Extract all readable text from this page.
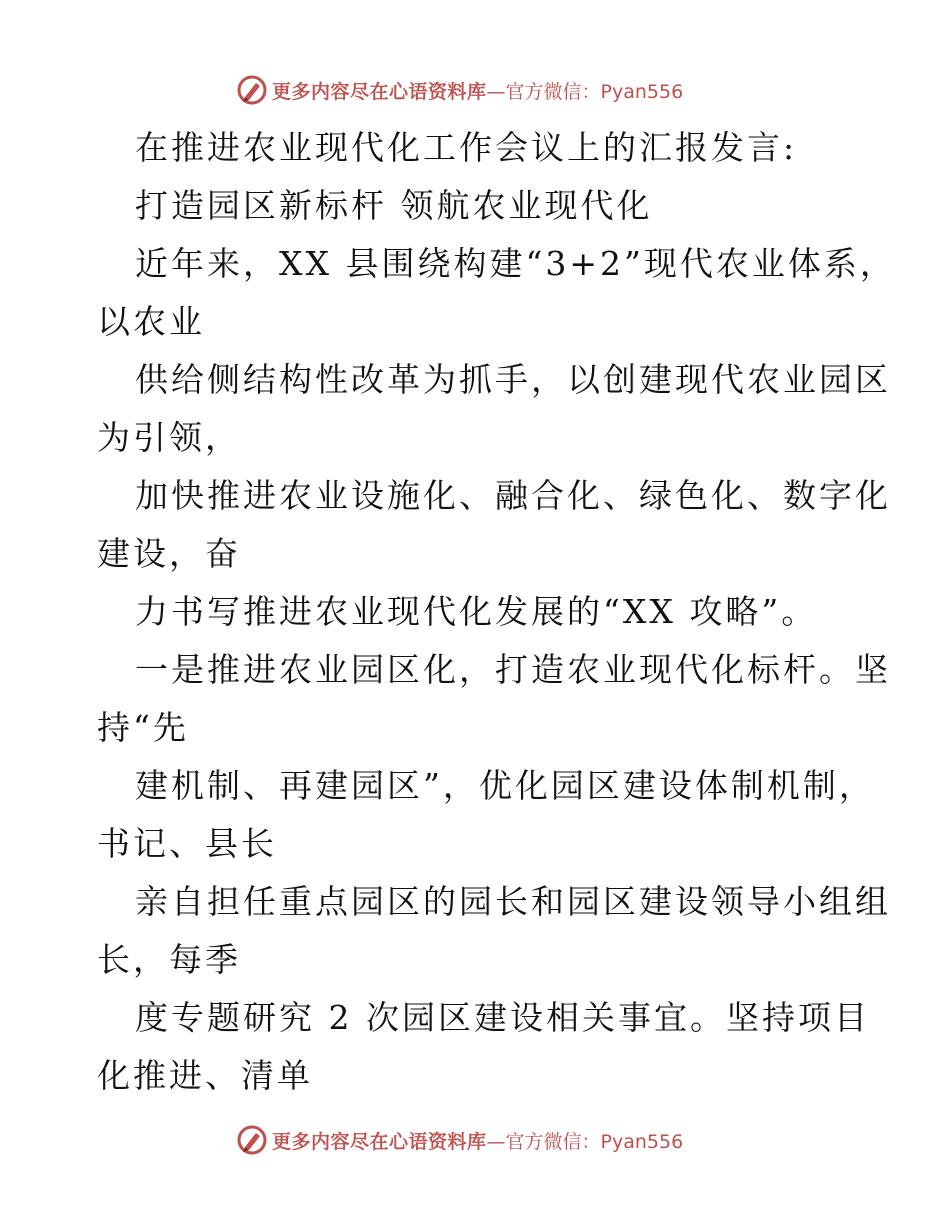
更多内容尽在心语资料库 —官方微信：Pyan556
在推进农业现代化工作会议上的汇报发言:
打造园区新标杆 领航农业现代化
近年来，XX 县围绕构建“3+2”现代农业体系，
以农业
供给侧结构性改革为抓手，以创建现代农业园区
为引领，
加快推进农业设施化、融合化、绿色化、数字化
建设，奋
力书写推进农业现代化发展的“XX 攻略”。
一是推进农业园区化，打造农业现代化标杆。坚
持“先
建机制、再建园区”，优化园区建设体制机制，
书记、县长
亲自担任重点园区的园长和园区建设领导小组组
长，每季
度专题研究 2 次园区建设相关事宜。坚持项目
化推进、清单
更多内容尽在心语资料库 —官方微信：Pyan556
